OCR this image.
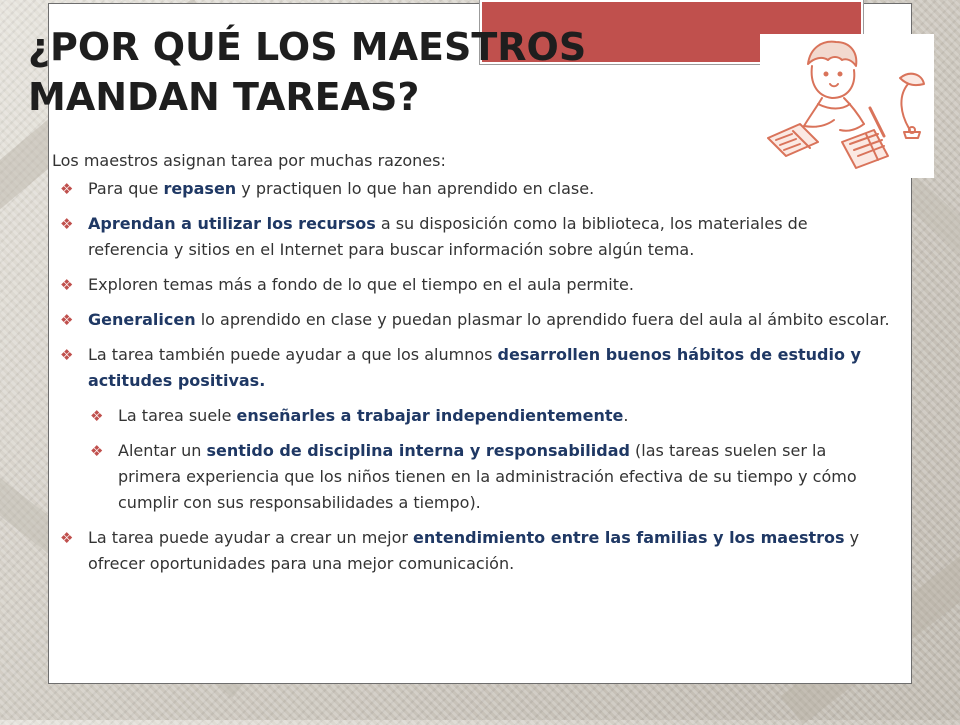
¿POR QUÉ LOS MAESTROS
MANDAN TAREAS?
Los maestros asignan tarea por muchas razones:
❖ Para que repasen y practiquen lo que han aprendido en clase.
❖ Aprendan a utilizar los recursos a su disposición como la biblioteca, los materiales de referencia y sitios en el Internet para buscar información sobre algún tema.
❖ Exploren temas más a fondo de lo que el tiempo en el aula permite.
❖ Generalicen lo aprendido en clase y puedan plasmar lo aprendido fuera del aula al ámbito escolar.
❖ La tarea también puede ayudar a que los alumnos desarrollen buenos hábitos de estudio y actitudes positivas.
❖ La tarea suele enseñarles a trabajar independientemente.
❖ Alentar un sentido de disciplina interna y responsabilidad (las tareas suelen ser la primera experiencia que los niños tienen en la administración efectiva de su tiempo y cómo cumplir con sus responsabilidades a tiempo).
❖ La tarea puede ayudar a crear un mejor entendimiento entre las familias y los maestros y ofrecer oportunidades para una mejor comunicación.
